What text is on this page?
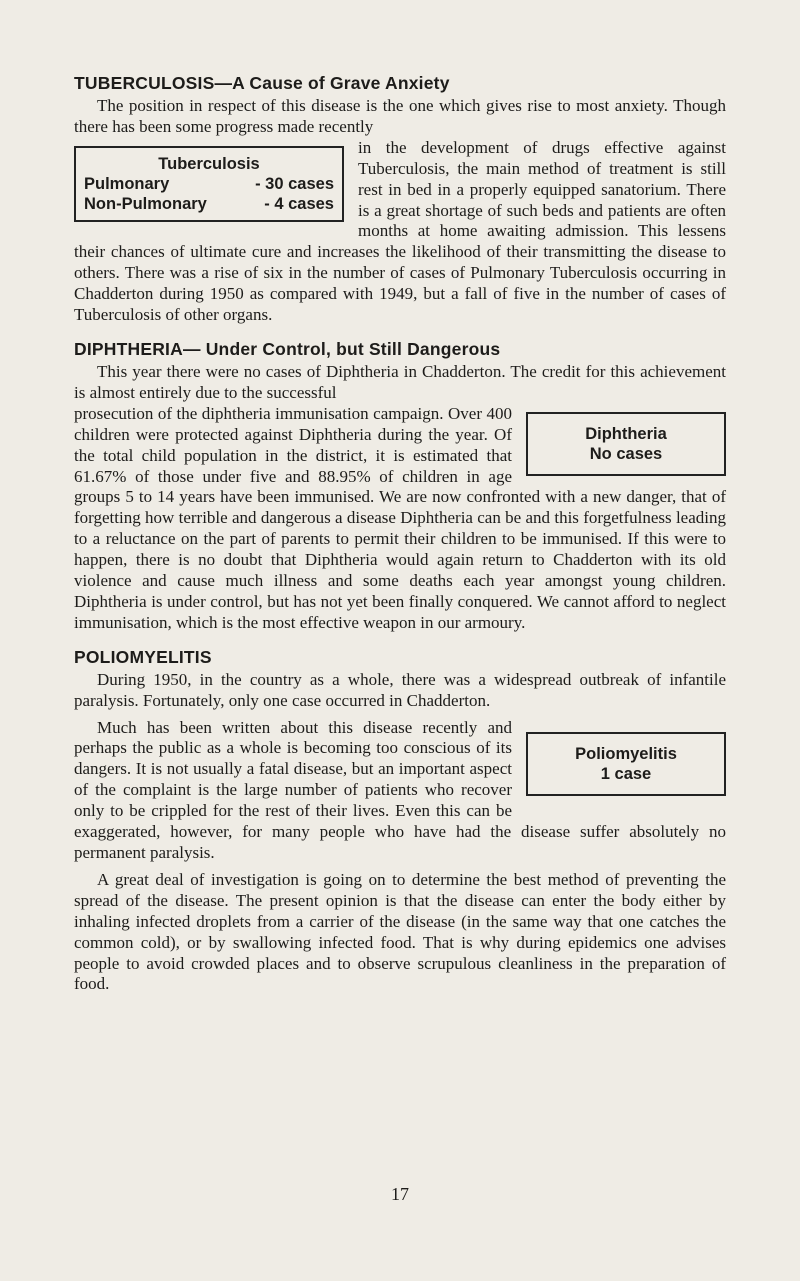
TUBERCULOSIS—A Cause of Grave Anxiety

The position in respect of this disease is the one which gives rise to most anxiety. Though there has been some progress made recently

Tuberculosis
Pulmonary	- 30 cases
Non-Pulmonary	- 4 cases

in the development of drugs effective against Tuberculosis, the main method of treatment is still rest in bed in a properly equipped sanatorium. There is a great shortage of such beds and patients are often months at home awaiting admission. This lessens their chances of ultimate cure and increases the likelihood of their transmitting the disease to others. There was a rise of six in the number of cases of Pulmonary Tuberculosis occurring in Chadderton during 1950 as compared with 1949, but a fall of five in the number of cases of Tuberculosis of other organs.

DIPHTHERIA— Under Control, but Still Dangerous

This year there were no cases of Diphtheria in Chadderton. The credit for this achievement is almost entirely due to the successful

Diphtheria
No cases

prosecution of the diphtheria immunisation campaign. Over 400 children were protected against Diphtheria during the year. Of the total child population in the district, it is estimated that 61.67% of those under five and 88.95% of children in age groups 5 to 14 years have been immunised. We are now confronted with a new danger, that of forgetting how terrible and dangerous a disease Diphtheria can be and this forgetfulness leading to a reluctance on the part of parents to permit their children to be immunised. If this were to happen, there is no doubt that Diphtheria would again return to Chadderton with its old violence and cause much illness and some deaths each year amongst young children. Diphtheria is under control, but has not yet been finally conquered. We cannot afford to neglect immunisation, which is the most effective weapon in our armoury.

POLIOMYELITIS

During 1950, in the country as a whole, there was a widespread outbreak of infantile paralysis. Fortunately, only one case occurred in Chadderton.

Poliomyelitis
1 case

Much has been written about this disease recently and perhaps the public as a whole is becoming too conscious of its dangers. It is not usually a fatal disease, but an important aspect of the complaint is the large number of patients who recover only to be crippled for the rest of their lives. Even this can be exaggerated, however, for many people who have had the disease suffer absolutely no permanent paralysis.

A great deal of investigation is going on to determine the best method of preventing the spread of the disease. The present opinion is that the disease can enter the body either by inhaling infected droplets from a carrier of the disease (in the same way that one catches the common cold), or by swallowing infected food. That is why during epidemics one advises people to avoid crowded places and to observe scrupulous cleanliness in the preparation of food.

17
